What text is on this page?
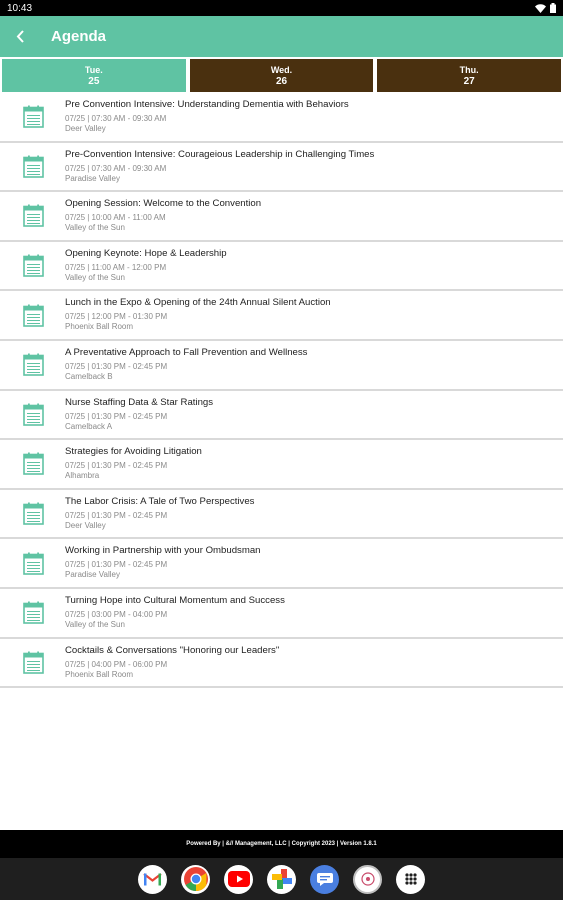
10:43
Agenda
Tue.
25
Wed.
26
Thu.
27
Pre Convention Intensive: Understanding Dementia with Behaviors
07/25 | 07:30 AM - 09:30 AM
Deer Valley
Pre-Convention Intensive: Courageious Leadership in Challenging Times
07/25 | 07:30 AM - 09:30 AM
Paradise Valley
Opening Session: Welcome to the Convention
07/25 | 10:00 AM - 11:00 AM
Valley of the Sun
Opening Keynote: Hope & Leadership
07/25 | 11:00 AM - 12:00 PM
Valley of the Sun
Lunch in the Expo & Opening of the 24th Annual Silent Auction
07/25 | 12:00 PM - 01:30 PM
Phoenix Ball Room
A Preventative Approach to Fall Prevention and Wellness
07/25 | 01:30 PM - 02:45 PM
Camelback B
Nurse Staffing Data & Star Ratings
07/25 | 01:30 PM - 02:45 PM
Camelback A
Strategies for Avoiding Litigation
07/25 | 01:30 PM - 02:45 PM
Alhambra
The Labor Crisis: A Tale of Two Perspectives
07/25 | 01:30 PM - 02:45 PM
Deer Valley
Working in Partnership with your Ombudsman
07/25 | 01:30 PM - 02:45 PM
Paradise Valley
Turning Hope into Cultural Momentum and Success
07/25 | 03:00 PM - 04:00 PM
Valley of the Sun
Cocktails & Conversations "Honoring our Leaders"
07/25 | 04:00 PM - 06:00 PM
Phoenix Ball Room
Powered By | &// Management, LLC | Copyright 2023 | Version 1.8.1
